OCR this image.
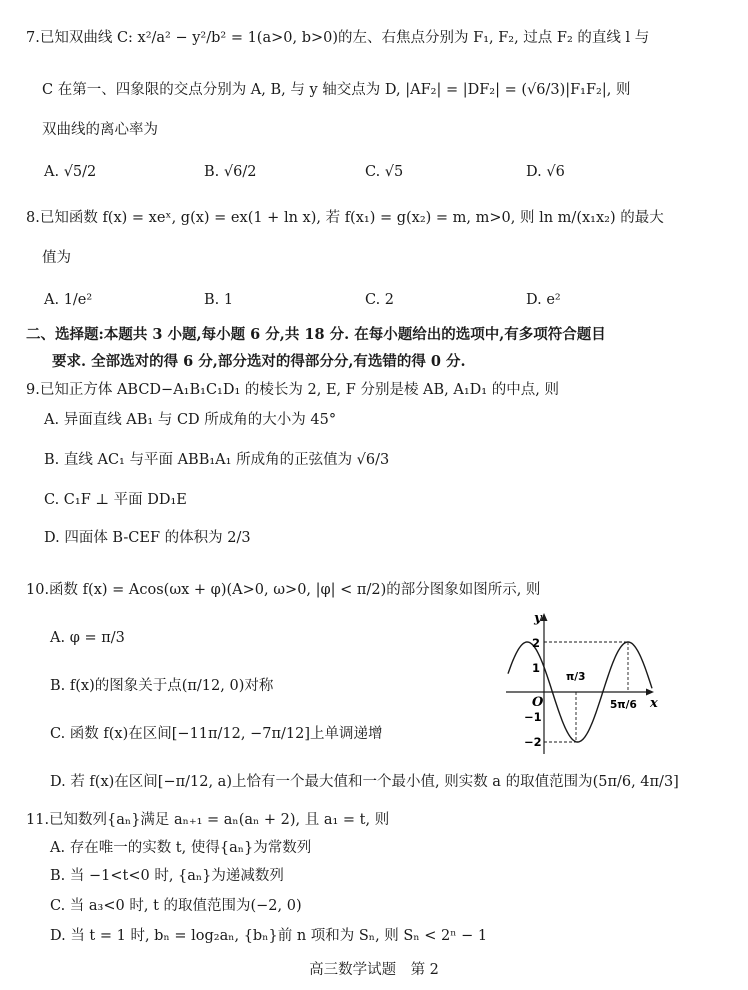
7.已知双曲线 C: x²/a² − y²/b² = 1(a>0, b>0)的左、右焦点分别为 F₁, F₂, 过点 F₂ 的直线 l 与
C 在第一、四象限的交点分别为 A, B, 与 y 轴交点为 D, |AF₂| = |DF₂| = (√6/3)|F₁F₂|, 则
双曲线的离心率为
A. √5/2	B. √6/2	C. √5	D. √6
8.已知函数 f(x) = xeˣ, g(x) = ex(1 + ln x), 若 f(x₁) = g(x₂) = m, m>0, 则 ln m/(x₁x₂) 的最大
值为
A. 1/e²	B. 1	C. 2	D. e²
二、选择题:本题共 3 小题,每小题 6 分,共 18 分. 在每小题给出的选项中,有多项符合题目
要求. 全部选对的得 6 分,部分选对的得部分分,有选错的得 0 分.
9.已知正方体 ABCD−A₁B₁C₁D₁ 的棱长为 2, E, F 分别是棱 AB, A₁D₁ 的中点, 则
A. 异面直线 AB₁ 与 CD 所成角的大小为 45°
B. 直线 AC₁ 与平面 ABB₁A₁ 所成角的正弦值为 √6/3
C. C₁F ⊥ 平面 DD₁E
D. 四面体 B-CEF 的体积为 2/3
10.函数 f(x) = Acos(ωx + φ)(A>0, ω>0, |φ| < π/2)的部分图象如图所示, 则
A. φ = π/3
B. f(x)的图象关于点(π/12, 0)对称
C. 函数 f(x)在区间[−11π/12, −7π/12]上单调递增
D. 若 f(x)在区间[−π/12, a)上恰有一个最大值和一个最小值, 则实数 a 的取值范围为(5π/6, 4π/3]
y
x
O
2
1
−1
−2
π/3
5π/6
11.已知数列{aₙ}满足 aₙ₊₁ = aₙ(aₙ + 2), 且 a₁ = t, 则
A. 存在唯一的实数 t, 使得{aₙ}为常数列
B. 当 −1<t<0 时, {aₙ}为递减数列
C. 当 a₃<0 时, t 的取值范围为(−2, 0)
D. 当 t = 1 时, bₙ = log₂aₙ, {bₙ}前 n 项和为 Sₙ, 则 Sₙ < 2ⁿ − 1
高三数学试题　第 2
